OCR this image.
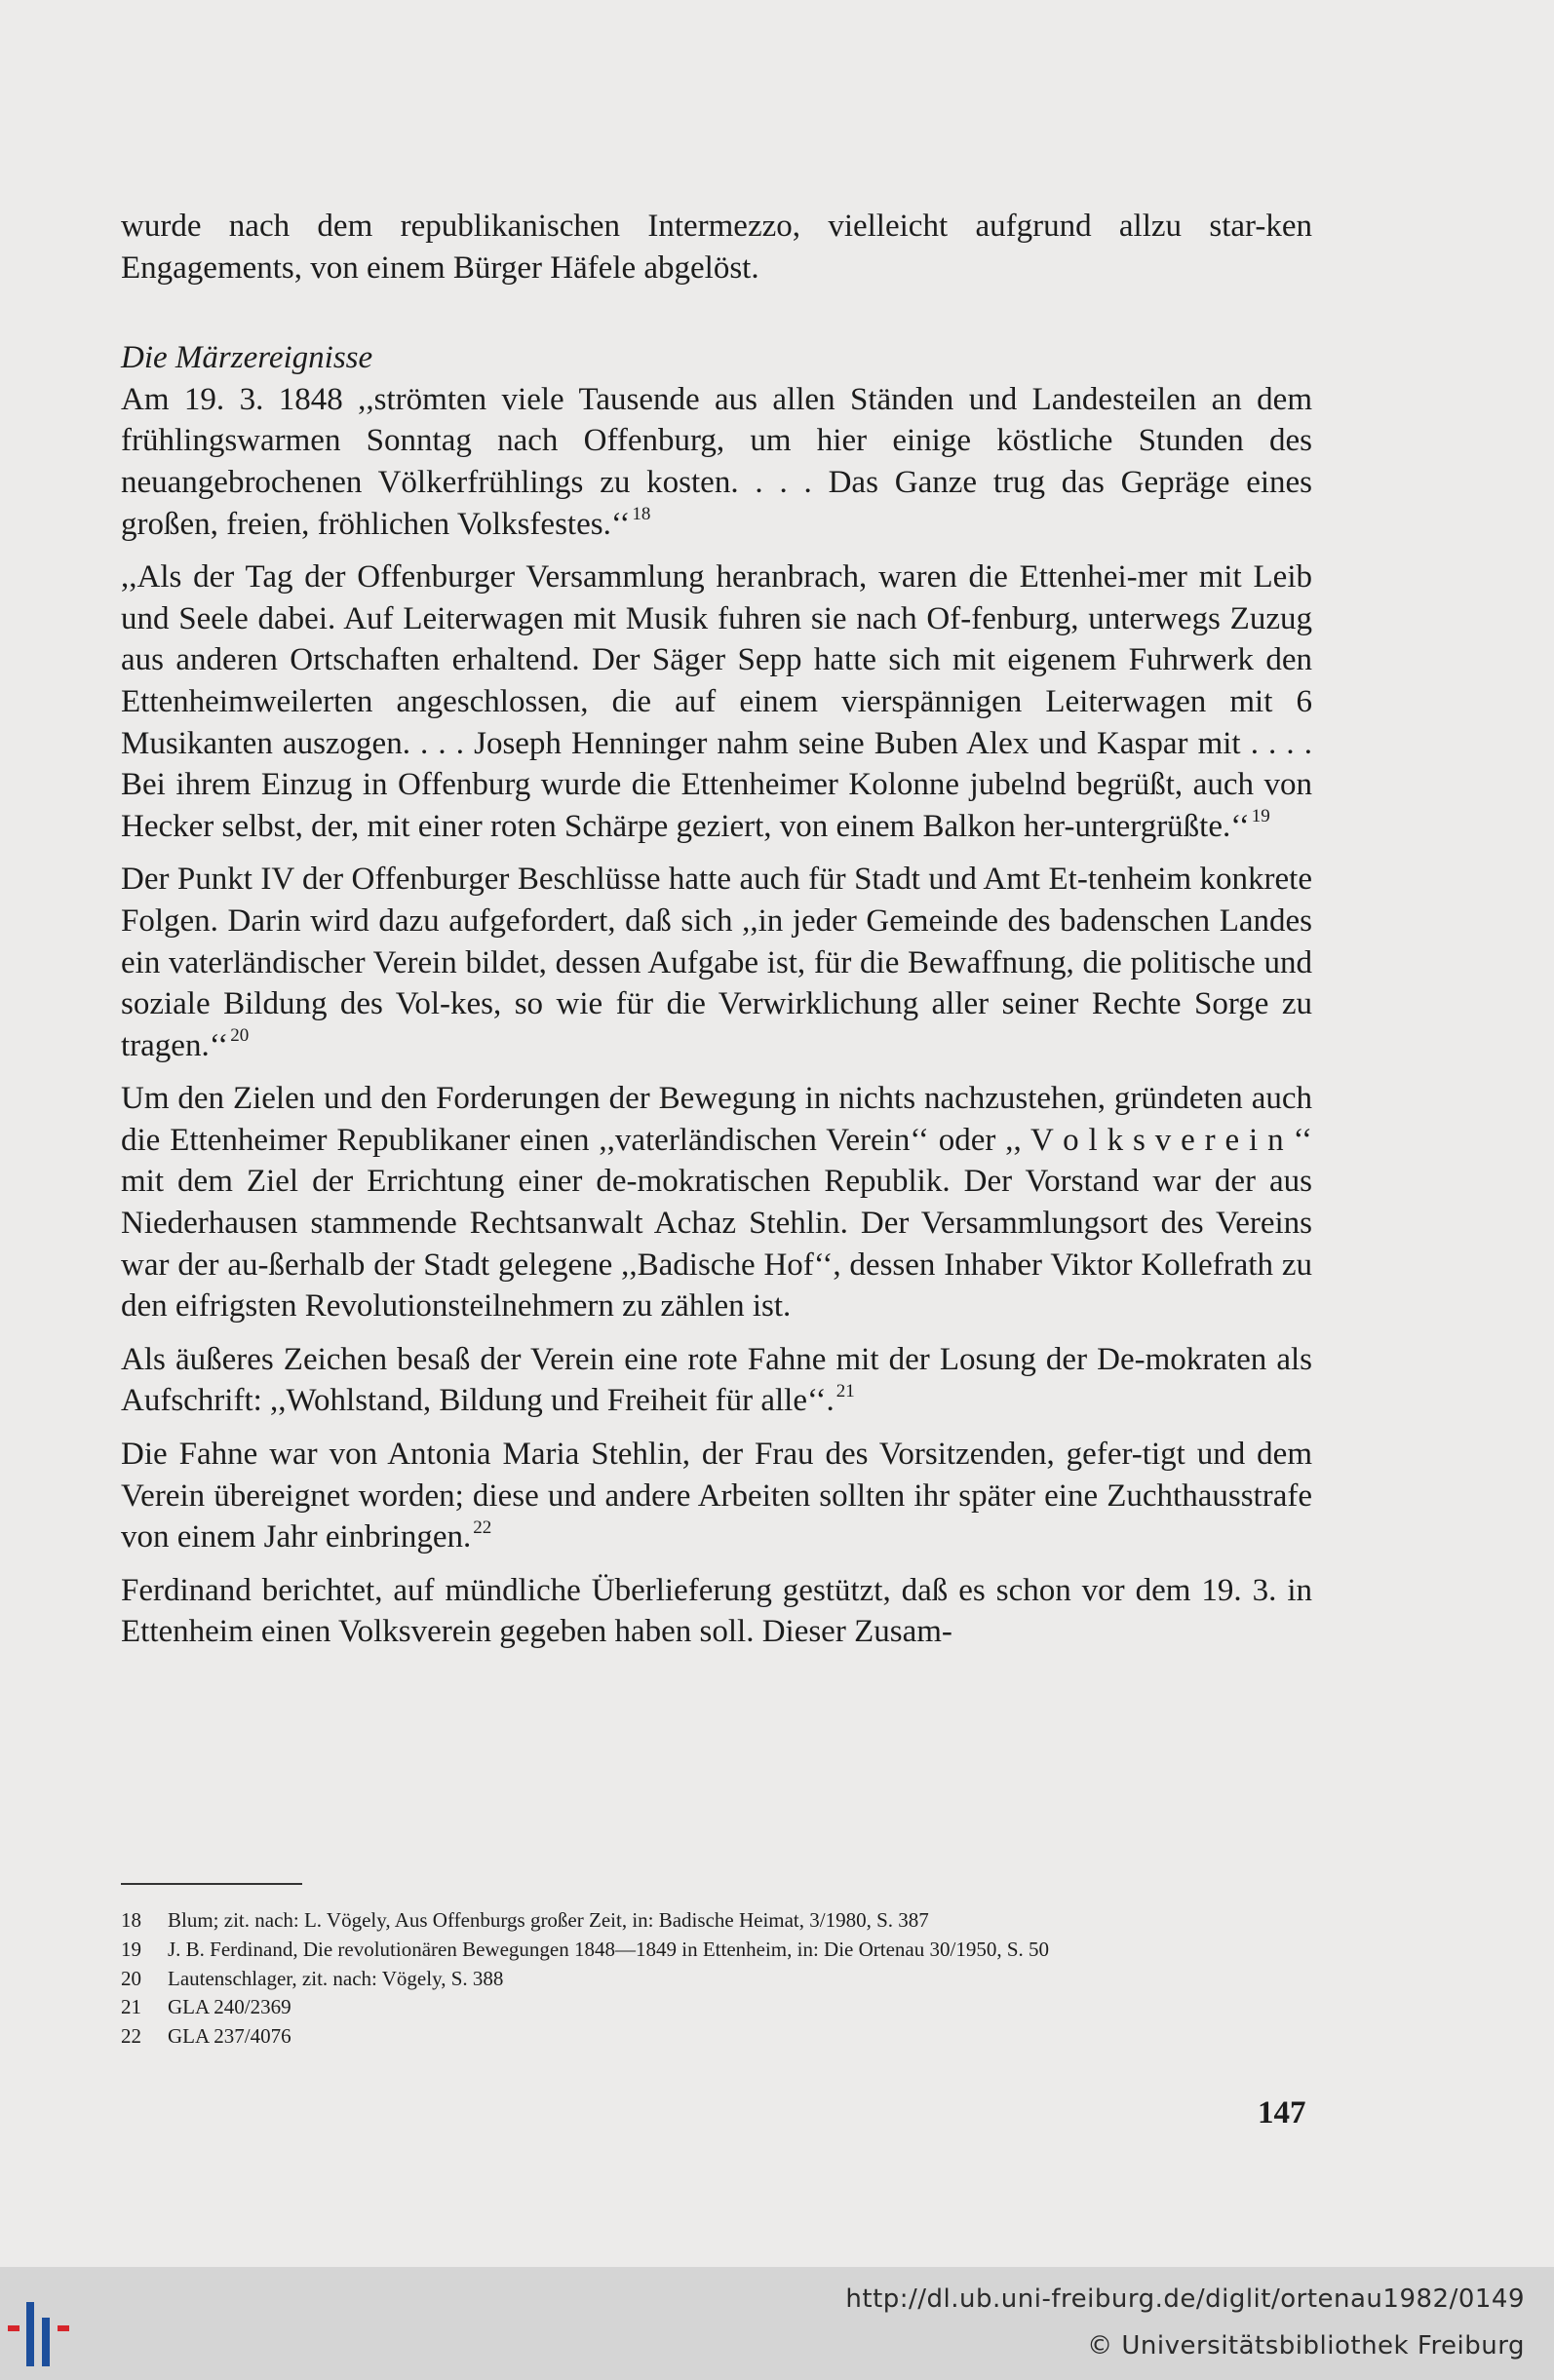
wurde nach dem republikanischen Intermezzo, vielleicht aufgrund allzu star-ken Engagements, von einem Bürger Häfele abgelöst.

Die Märzereignisse

Am 19. 3. 1848 ,,strömten viele Tausende aus allen Ständen und Landesteilen an dem frühlingswarmen Sonntag nach Offenburg, um hier einige köstliche Stunden des neuangebrochenen Völkerfrühlings zu kosten. . . . Das Ganze trug das Gepräge eines großen, freien, fröhlichen Volksfestes.‘‘ $^{18}$

,,Als der Tag der Offenburger Versammlung heranbrach, waren die Ettenhei-mer mit Leib und Seele dabei. Auf Leiterwagen mit Musik fuhren sie nach Of-fenburg, unterwegs Zuzug aus anderen Ortschaften erhaltend. Der Säger Sepp hatte sich mit eigenem Fuhrwerk den Ettenheimweilerten angeschlossen, die auf einem vierspännigen Leiterwagen mit 6 Musikanten auszogen. . . . Joseph Henninger nahm seine Buben Alex und Kaspar mit . . . . Bei ihrem Einzug in Offenburg wurde die Ettenheimer Kolonne jubelnd begrüßt, auch von Hecker selbst, der, mit einer roten Schärpe geziert, von einem Balkon her-untergrüßte.‘‘ $^{19}$

Der Punkt IV der Offenburger Beschlüsse hatte auch für Stadt und Amt Et-tenheim konkrete Folgen. Darin wird dazu aufgefordert, daß sich ,,in jeder Gemeinde des badenschen Landes ein vaterländischer Verein bildet, dessen Aufgabe ist, für die Bewaffnung, die politische und soziale Bildung des Vol-kes, so wie für die Verwirklichung aller seiner Rechte Sorge zu tragen.‘‘ $^{20}$

Um den Zielen und den Forderungen der Bewegung in nichts nachzustehen, gründeten auch die Ettenheimer Republikaner einen ,,vaterländischen Verein‘‘ oder ,, V o l k s v e r e i n ‘‘ mit dem Ziel der Errichtung einer de-mokratischen Republik. Der Vorstand war der aus Niederhausen stammende Rechtsanwalt Achaz Stehlin. Der Versammlungsort des Vereins war der au-ßerhalb der Stadt gelegene ,,Badische Hof‘‘, dessen Inhaber Viktor Kollefrath zu den eifrigsten Revolutionsteilnehmern zu zählen ist.

Als äußeres Zeichen besaß der Verein eine rote Fahne mit der Losung der De-mokraten als Aufschrift: ,,Wohlstand, Bildung und Freiheit für alle‘‘. $^{21}$

Die Fahne war von Antonia Maria Stehlin, der Frau des Vorsitzenden, gefer-tigt und dem Verein übereignet worden; diese und andere Arbeiten sollten ihr später eine Zuchthausstrafe von einem Jahr einbringen. $^{22}$

Ferdinand berichtet, auf mündliche Überlieferung gestützt, daß es schon vor dem 19. 3. in Ettenheim einen Volksverein gegeben haben soll. Dieser Zusam-

18 Blum; zit. nach: L. Vögely, Aus Offenburgs großer Zeit, in: Badische Heimat, 3/1980, S. 387
19 J. B. Ferdinand, Die revolutionären Bewegungen 1848—1849 in Ettenheim, in: Die Ortenau 30/1950, S. 50
20 Lautenschlager, zit. nach: Vögely, S. 388
21 GLA 240/2369
22 GLA 237/4076
147
http://dl.ub.uni-freiburg.de/diglit/ortenau1982/0149
© Universitätsbibliothek Freiburg
